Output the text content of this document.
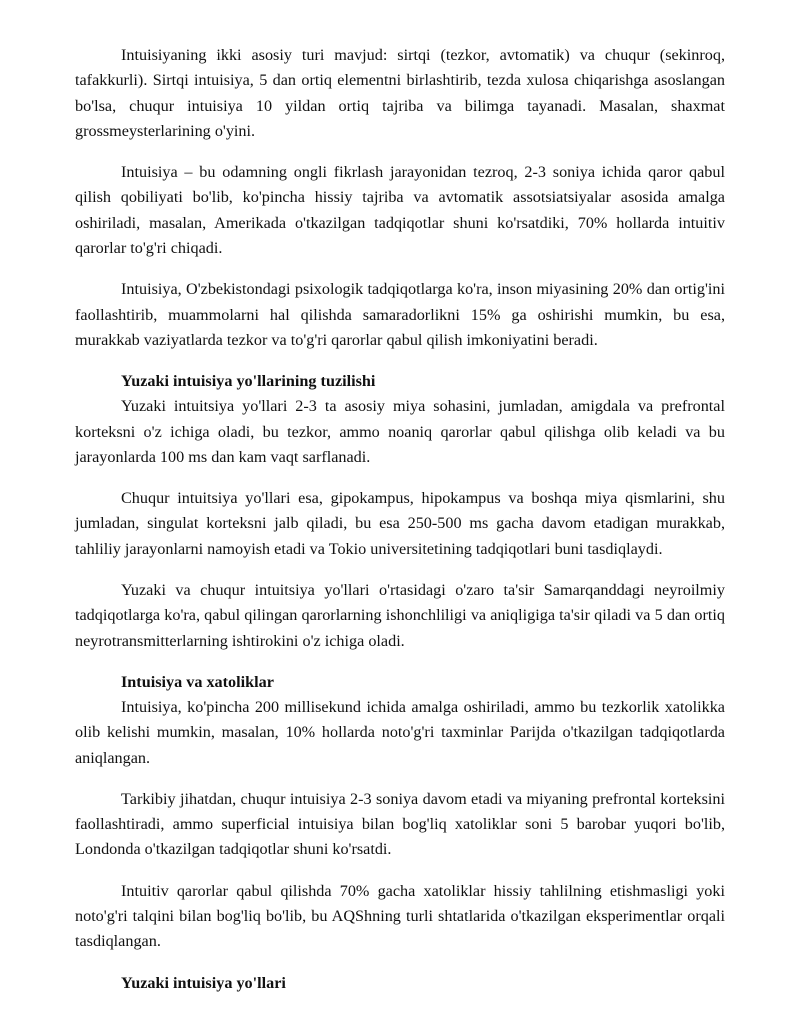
Intuisiyaning ikki asosiy turi mavjud: sirtqi (tezkor, avtomatik) va chuqur (sekinroq, tafakkurli). Sirtqi intuisiya, 5 dan ortiq elementni birlashtirib, tezda xulosa chiqarishga asoslangan bo'lsa, chuqur intuisiya 10 yildan ortiq tajriba va bilimga tayanadi. Masalan, shaxmat grossmeysterlarining o'yini.

Intuisiya – bu odamning ongli fikrlash jarayonidan tezroq, 2-3 soniya ichida qaror qabul qilish qobiliyati bo'lib, ko'pincha hissiy tajriba va avtomatik assotsiatsiyalar asosida amalga oshiriladi, masalan, Amerikada o'tkazilgan tadqiqotlar shuni ko'rsatdiki, 70% hollarda intuitiv qarorlar to'g'ri chiqadi.

Intuisiya, O'zbekistondagi psixologik tadqiqotlarga ko'ra, inson miyasining 20% dan ortig'ini faollashtirib, muammolarni hal qilishda samaradorlikni 15% ga oshirishi mumkin, bu esa, murakkab vaziyatlarda tezkor va to'g'ri qarorlar qabul qilish imkoniyatini beradi.

Yuzaki intuisiya yo'llarining tuzilishi

Yuzaki intuitsiya yo'llari 2-3 ta asosiy miya sohasini, jumladan, amigdala va prefrontal korteksni o'z ichiga oladi, bu tezkor, ammo noaniq qarorlar qabul qilishga olib keladi va bu jarayonlarda 100 ms dan kam vaqt sarflanadi.

Chuqur intuitsiya yo'llari esa, gipokampus, hipokampus va boshqa miya qismlarini, shu jumladan, singulat korteksni jalb qiladi, bu esa 250-500 ms gacha davom etadigan murakkab, tahliliy jarayonlarni namoyish etadi va Tokio universitetining tadqiqotlari buni tasdiqlaydi.

Yuzaki va chuqur intuitsiya yo'llari o'rtasidagi o'zaro ta'sir Samarqanddagi neyroilmiy tadqiqotlarga ko'ra, qabul qilingan qarorlarning ishonchliligi va aniqligiga ta'sir qiladi va 5 dan ortiq neyrotransmitterlarning ishtirokini o'z ichiga oladi.

Intuisiya va xatoliklar

Intuisiya, ko'pincha 200 millisekund ichida amalga oshiriladi, ammo bu tezkorlik xatolikka olib kelishi mumkin, masalan, 10% hollarda noto'g'ri taxminlar Parijda o'tkazilgan tadqiqotlarda aniqlangan.

Tarkibiy jihatdan, chuqur intuisiya 2-3 soniya davom etadi va miyaning prefrontal korteksini faollashtiradi, ammo superficial intuisiya bilan bog'liq xatoliklar soni 5 barobar yuqori bo'lib, Londonda o'tkazilgan tadqiqotlar shuni ko'rsatdi.

Intuitiv qarorlar qabul qilishda 70% gacha xatoliklar hissiy tahlilning etishmasligi yoki noto'g'ri talqini bilan bog'liq bo'lib, bu AQShning turli shtatlarida o'tkazilgan eksperimentlar orqali tasdiqlangan.

Yuzaki intuisiya yo'llari
